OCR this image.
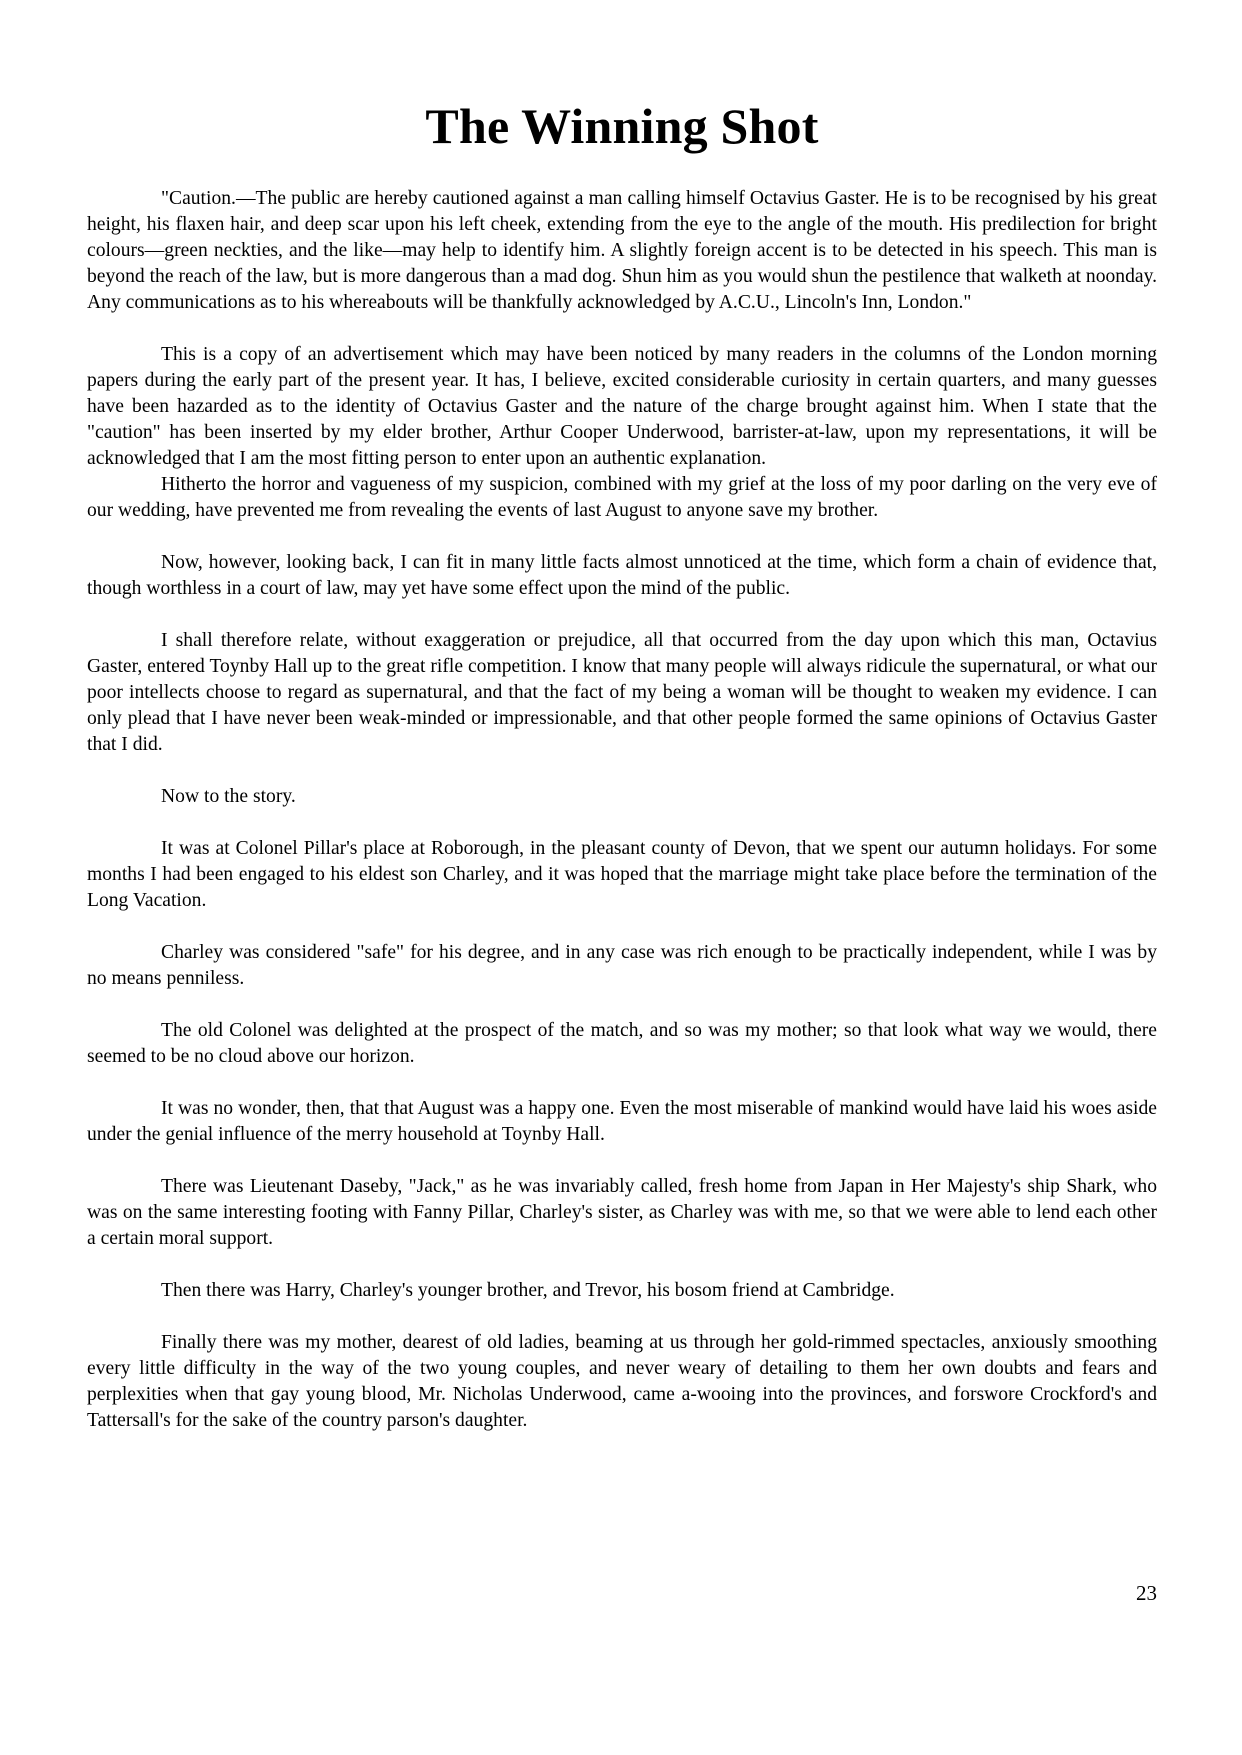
The Winning Shot

"Caution.—The public are hereby cautioned against a man calling himself Octavius Gaster. He is to be recognised by his great height, his flaxen hair, and deep scar upon his left cheek, extending from the eye to the angle of the mouth. His predilection for bright colours—green neckties, and the like—may help to identify him. A slightly foreign accent is to be detected in his speech. This man is beyond the reach of the law, but is more dangerous than a mad dog. Shun him as you would shun the pestilence that walketh at noonday. Any communications as to his whereabouts will be thankfully acknowledged by A.C.U., Lincoln's Inn, London."

This is a copy of an advertisement which may have been noticed by many readers in the columns of the London morning papers during the early part of the present year. It has, I believe, excited considerable curiosity in certain quarters, and many guesses have been hazarded as to the identity of Octavius Gaster and the nature of the charge brought against him. When I state that the "caution" has been inserted by my elder brother, Arthur Cooper Underwood, barrister-at-law, upon my representations, it will be acknowledged that I am the most fitting person to enter upon an authentic explanation.

Hitherto the horror and vagueness of my suspicion, combined with my grief at the loss of my poor darling on the very eve of our wedding, have prevented me from revealing the events of last August to anyone save my brother.

Now, however, looking back, I can fit in many little facts almost unnoticed at the time, which form a chain of evidence that, though worthless in a court of law, may yet have some effect upon the mind of the public.

I shall therefore relate, without exaggeration or prejudice, all that occurred from the day upon which this man, Octavius Gaster, entered Toynby Hall up to the great rifle competition. I know that many people will always ridicule the supernatural, or what our poor intellects choose to regard as supernatural, and that the fact of my being a woman will be thought to weaken my evidence. I can only plead that I have never been weak-minded or impressionable, and that other people formed the same opinions of Octavius Gaster that I did.

Now to the story.

It was at Colonel Pillar's place at Roborough, in the pleasant county of Devon, that we spent our autumn holidays. For some months I had been engaged to his eldest son Charley, and it was hoped that the marriage might take place before the termination of the Long Vacation.

Charley was considered "safe" for his degree, and in any case was rich enough to be practically independent, while I was by no means penniless.

The old Colonel was delighted at the prospect of the match, and so was my mother; so that look what way we would, there seemed to be no cloud above our horizon.

It was no wonder, then, that that August was a happy one. Even the most miserable of mankind would have laid his woes aside under the genial influence of the merry household at Toynby Hall.

There was Lieutenant Daseby, "Jack," as he was invariably called, fresh home from Japan in Her Majesty's ship Shark, who was on the same interesting footing with Fanny Pillar, Charley's sister, as Charley was with me, so that we were able to lend each other a certain moral support.

Then there was Harry, Charley's younger brother, and Trevor, his bosom friend at Cambridge.

Finally there was my mother, dearest of old ladies, beaming at us through her gold-rimmed spectacles, anxiously smoothing every little difficulty in the way of the two young couples, and never weary of detailing to them her own doubts and fears and perplexities when that gay young blood, Mr. Nicholas Underwood, came a-wooing into the provinces, and forswore Crockford's and Tattersall's for the sake of the country parson's daughter.

23
